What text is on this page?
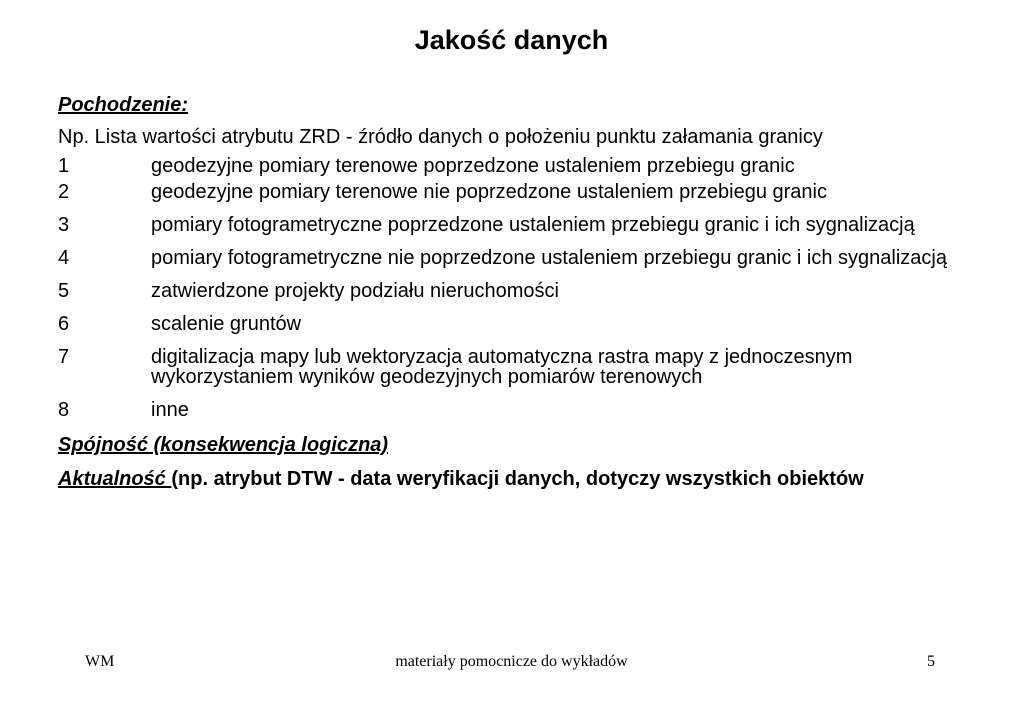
Jakość danych
Pochodzenie:
Np. Lista wartości atrybutu ZRD - źródło danych o położeniu punktu załamania granicy
1	geodezyjne pomiary terenowe poprzedzone ustaleniem przebiegu granic
2	geodezyjne pomiary terenowe nie poprzedzone ustaleniem przebiegu granic
3	pomiary fotogrametryczne poprzedzone ustaleniem przebiegu granic i ich sygnalizacją
4	pomiary fotogrametryczne nie poprzedzone ustaleniem przebiegu granic i ich sygnalizacją
5	zatwierdzone projekty podziału nieruchomości
6	scalenie gruntów
7	digitalizacja mapy lub wektoryzacja automatyczna rastra mapy z jednoczesnym      wykorzystaniem wyników geodezyjnych pomiarów terenowych
8	inne
Spójność (konsekwencja logiczna)
Aktualność (np. atrybut DTW - data weryfikacji danych, dotyczy wszystkich obiektów
WM	materiały pomocnicze do wykładów	5
